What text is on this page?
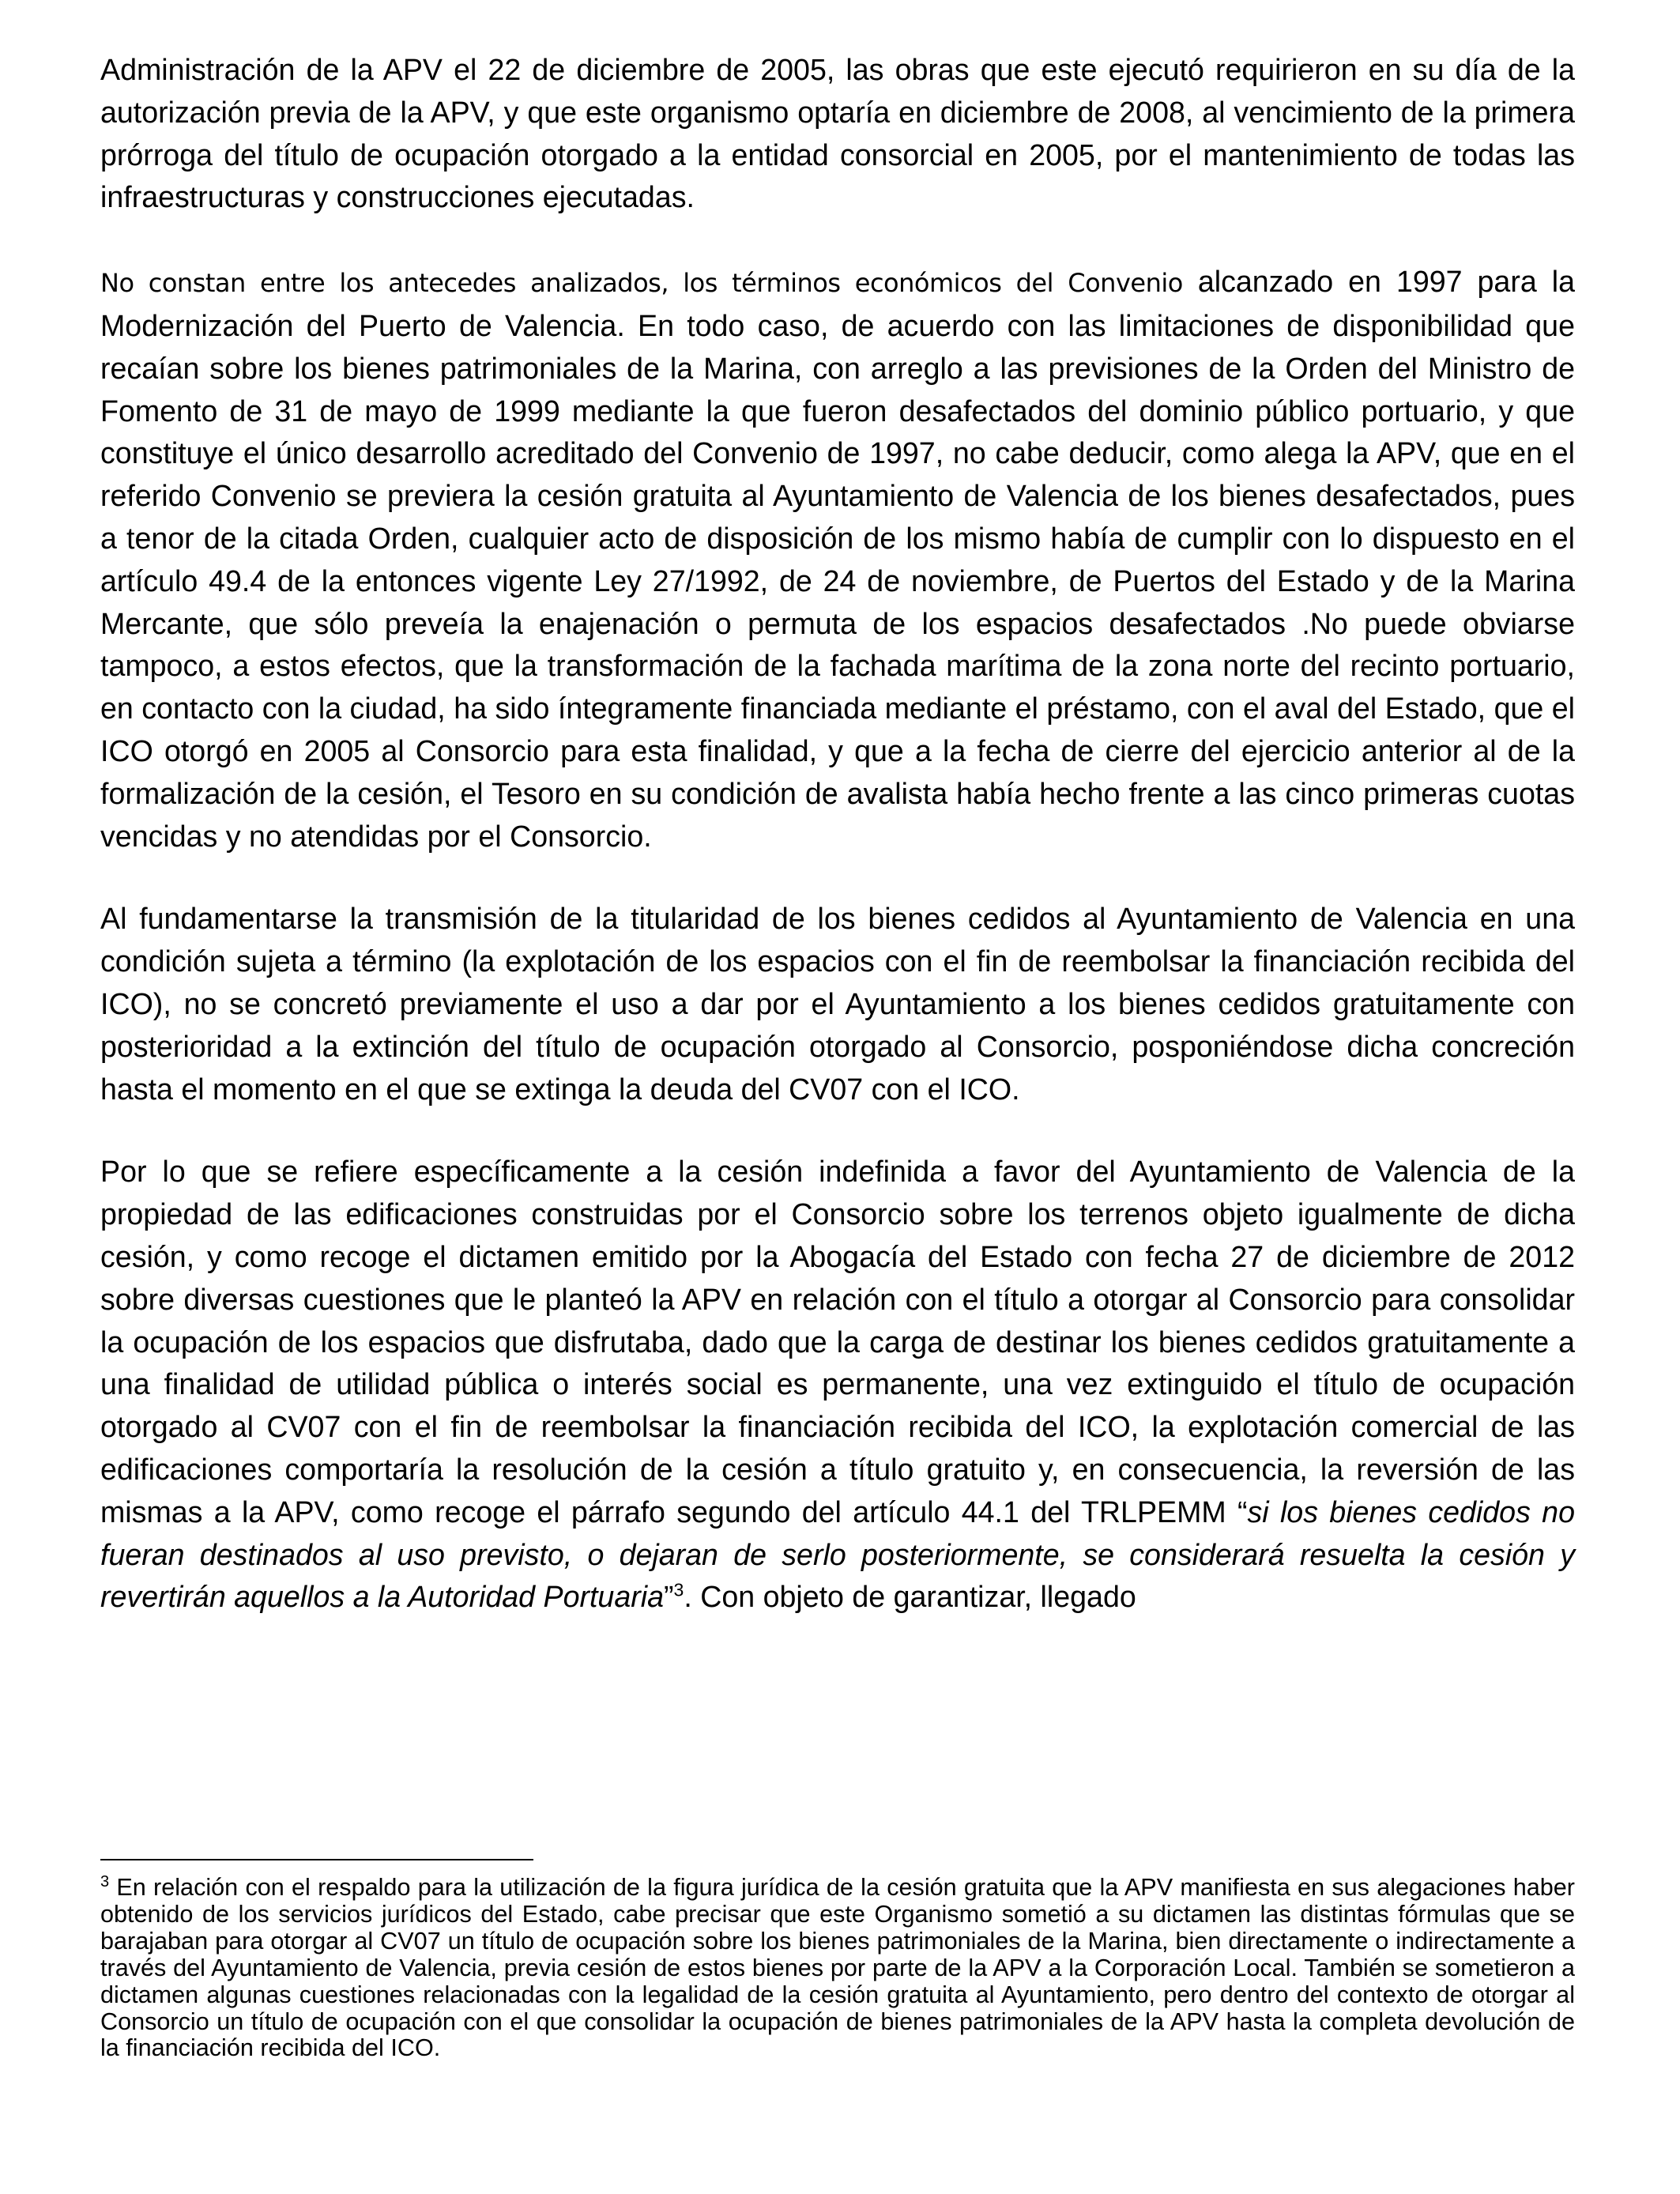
Administración de la APV el 22 de diciembre de 2005, las obras que este ejecutó requirieron en su día de la autorización previa de la APV, y que este organismo optaría en diciembre de 2008, al vencimiento de la primera prórroga del título de ocupación otorgado a la entidad consorcial en 2005, por el mantenimiento de todas las infraestructuras y construcciones ejecutadas.

No constan entre los antecedes analizados, los términos económicos del Convenio alcanzado en 1997 para la Modernización del Puerto de Valencia. En todo caso, de acuerdo con las limitaciones de disponibilidad que recaían sobre los bienes patrimoniales de la Marina, con arreglo a las previsiones de la Orden del Ministro de Fomento de 31 de mayo de 1999 mediante la que fueron desafectados del dominio público portuario, y que constituye el único desarrollo acreditado del Convenio de 1997, no cabe deducir, como alega la APV, que en el referido Convenio se previera la cesión gratuita al Ayuntamiento de Valencia de los bienes desafectados, pues a tenor de la citada Orden, cualquier acto de disposición de los mismo había de cumplir con lo dispuesto en el artículo 49.4 de la entonces vigente Ley 27/1992, de 24 de noviembre, de Puertos del Estado y de la Marina Mercante, que sólo preveía la enajenación o permuta de los espacios desafectados .No puede obviarse tampoco, a estos efectos, que la transformación de la fachada marítima de la zona norte del recinto portuario, en contacto con la ciudad, ha sido íntegramente financiada mediante el préstamo, con el aval del Estado, que el ICO otorgó en 2005 al Consorcio para esta finalidad, y que a la fecha de cierre del ejercicio anterior al de la formalización de la cesión, el Tesoro en su condición de avalista había hecho frente a las cinco primeras cuotas vencidas y no atendidas por el Consorcio.

Al fundamentarse la transmisión de la titularidad de los bienes cedidos al Ayuntamiento de Valencia en una condición sujeta a término (la explotación de los espacios con el fin de reembolsar la financiación recibida del ICO), no se concretó previamente el uso a dar por el Ayuntamiento a los bienes cedidos gratuitamente con posterioridad a la extinción del título de ocupación otorgado al Consorcio, posponiéndose dicha concreción hasta el momento en el que se extinga la deuda del CV07 con el ICO.

Por lo que se refiere específicamente a la cesión indefinida a favor del Ayuntamiento de Valencia de la propiedad de las edificaciones construidas por el Consorcio sobre los terrenos objeto igualmente de dicha cesión, y como recoge el dictamen emitido por la Abogacía del Estado con fecha 27 de diciembre de 2012 sobre diversas cuestiones que le planteó la APV en relación con el título a otorgar al Consorcio para consolidar la ocupación de los espacios que disfrutaba, dado que la carga de destinar los bienes cedidos gratuitamente a una finalidad de utilidad pública o interés social es permanente, una vez extinguido el título de ocupación otorgado al CV07 con el fin de reembolsar la financiación recibida del ICO, la explotación comercial de las edificaciones comportaría la resolución de la cesión a título gratuito y, en consecuencia, la reversión de las mismas a la APV, como recoge el párrafo segundo del artículo 44.1 del TRLPEMM “si los bienes cedidos no fueran destinados al uso previsto, o dejaran de serlo posteriormente, se considerará resuelta la cesión y revertirán aquellos a la Autoridad Portuaria”$^3$. Con objeto de garantizar, llegado

$^3$ En relación con el respaldo para la utilización de la figura jurídica de la cesión gratuita que la APV manifiesta en sus alegaciones haber obtenido de los servicios jurídicos del Estado, cabe precisar que este Organismo sometió a su dictamen las distintas fórmulas que se barajaban para otorgar al CV07 un título de ocupación sobre los bienes patrimoniales de la Marina, bien directamente o indirectamente a través del Ayuntamiento de Valencia, previa cesión de estos bienes por parte de la APV a la Corporación Local. También se sometieron a dictamen algunas cuestiones relacionadas con la legalidad de la cesión gratuita al Ayuntamiento, pero dentro del contexto de otorgar al Consorcio un título de ocupación con el que consolidar la ocupación de bienes patrimoniales de la APV hasta la completa devolución de la financiación recibida del ICO.
